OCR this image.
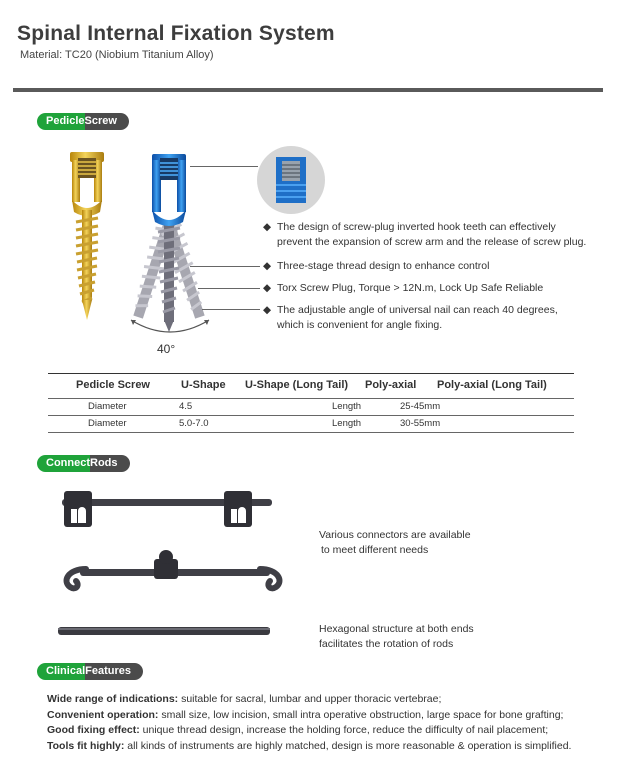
Spinal Internal Fixation System
Material: TC20 (Niobium Titanium Alloy)
Pedicle Screw
40°
◆ The design of screw-plug inverted hook teeth can effectively
prevent the expansion of screw arm and the release of screw plug.
◆ Three-stage thread design to enhance control
◆ Torx Screw Plug, Torque > 12N.m, Lock Up Safe Reliable
◆ The adjustable angle of universal nail can reach 40 degrees,
which is convenient for angle fixing.
Pedicle Screw	U-Shape U-Shape (Long Tail) Poly-axial Poly-axial (Long Tail)
Diameter	4.5	Length	25-45mm
Diameter	5.0-7.0	Length	30-55mm
Connect Rods
Various connectors are available
to meet different needs
Hexagonal structure at both ends
facilitates the rotation of rods
Clinical Features
Wide range of indications: suitable for sacral, lumbar and upper thoracic vertebrae;
Convenient operation: small size, low incision, small intra operative obstruction, large space for bone grafting;
Good fixing effect: unique thread design, increase the holding force, reduce the difficulty of nail placement;
Tools fit highly: all kinds of instruments are highly matched, design is more reasonable & operation is simplified.
